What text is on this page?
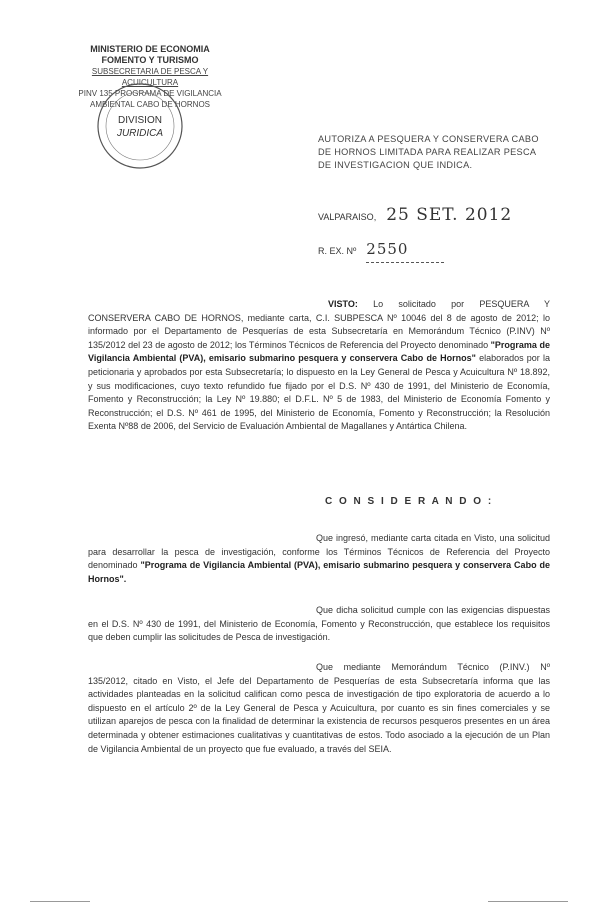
MINISTERIO DE ECONOMIA
FOMENTO Y TURISMO
SUBSECRETARIA DE PESCA Y ACUICULTURA
PINV 135 PROGRAMA DE VIGILANCIA
AMBIENTAL CABO DE HORNOS
DIVISION
JURIDICA	AUTORIZA A PESQUERA Y CONSERVERA CABO DE HORNOS LIMITADA PARA REALIZAR PESCA DE INVESTIGACION QUE INDICA.
VALPARAISO, 25 SET. 2012
R. EX. Nº 2550

VISTO: Lo solicitado por PESQUERA Y CONSERVERA CABO DE HORNOS, mediante carta, C.I. SUBPESCA Nº 10046 del 8 de agosto de 2012; lo informado por el Departamento de Pesquerías de esta Subsecretaría en Memorándum Técnico (P.INV) Nº 135/2012 del 23 de agosto de 2012; los Términos Técnicos de Referencia del Proyecto denominado "Programa de Vigilancia Ambiental (PVA), emisario submarino pesquera y conservera Cabo de Hornos" elaborados por la peticionaria y aprobados por esta Subsecretaría; lo dispuesto en la Ley General de Pesca y Acuicultura Nº 18.892, y sus modificaciones, cuyo texto refundido fue fijado por el D.S. Nº 430 de 1991, del Ministerio de Economía, Fomento y Reconstrucción; la Ley Nº 19.880; el D.F.L. Nº 5 de 1983, del Ministerio de Economía Fomento y Reconstrucción; el D.S. Nº 461 de 1995, del Ministerio de Economía, Fomento y Reconstrucción; la Resolución Exenta Nº88 de 2006, del Servicio de Evaluación Ambiental de Magallanes y Antártica Chilena.

C O N S I D E R A N D O :

Que ingresó, mediante carta citada en Visto, una solicitud para desarrollar la pesca de investigación, conforme los Términos Técnicos de Referencia del Proyecto denominado "Programa de Vigilancia Ambiental (PVA), emisario submarino pesquera y conservera Cabo de Hornos".

Que dicha solicitud cumple con las exigencias dispuestas en el D.S. Nº 430 de 1991, del Ministerio de Economía, Fomento y Reconstrucción, que establece los requisitos que deben cumplir las solicitudes de Pesca de investigación.

Que mediante Memorándum Técnico (P.INV.) Nº 135/2012, citado en Visto, el Jefe del Departamento de Pesquerías de esta Subsecretaría informa que las actividades planteadas en la solicitud califican como pesca de investigación de tipo exploratoria de acuerdo a lo dispuesto en el artículo 2º de la Ley General de Pesca y Acuicultura, por cuanto es sin fines comerciales y se utilizan aparejos de pesca con la finalidad de determinar la existencia de recursos pesqueros presentes en un área determinada y obtener estimaciones cualitativas y cuantitativas de estos. Todo asociado a la ejecución de un Plan de Vigilancia Ambiental de un proyecto que fue evaluado, a través del SEIA.
